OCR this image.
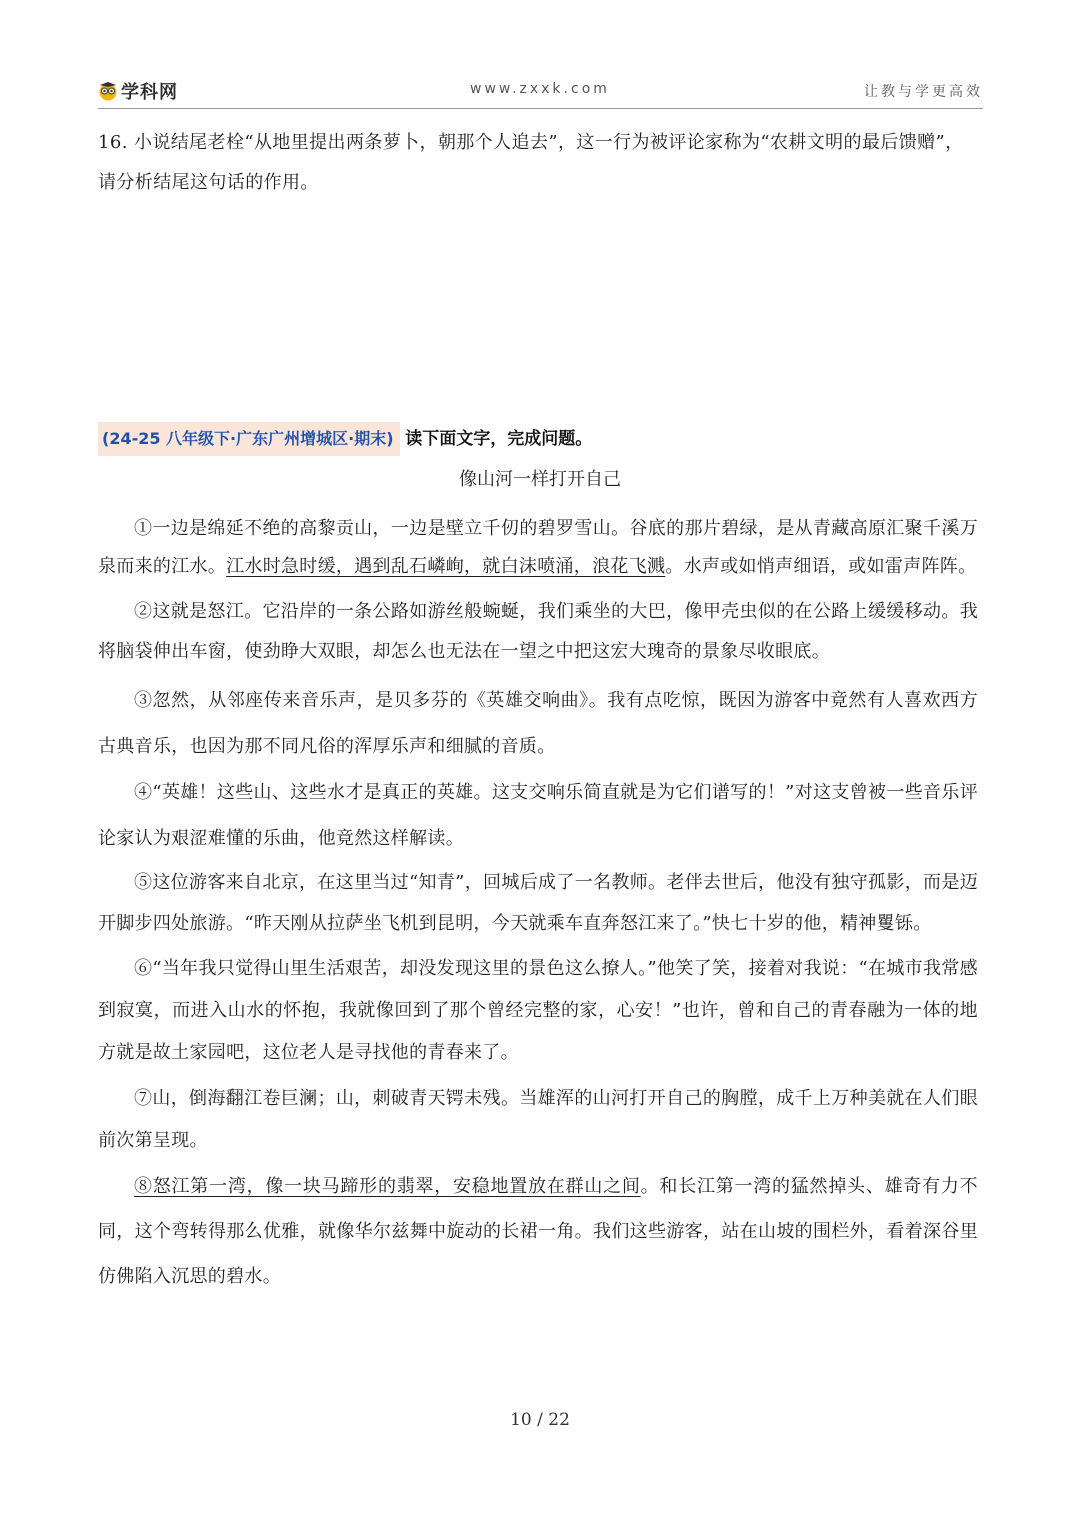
学科网	www.zxxk.com	让教与学更高效
16. 小说结尾老栓“从地里提出两条萝卜，朝那个人追去”，这一行为被评论家称为“农耕文明的最后馈赠”，请分析结尾这句话的作用。
(24-25 八年级下·广东广州增城区·期末) 读下面文字，完成问题。
像山河一样打开自己

①一边是绵延不绝的高黎贡山，一边是壁立千仞的碧罗雪山。谷底的那片碧绿，是从青藏高原汇聚千溪万泉而来的江水。江水时急时缓，遇到乱石嶙峋，就白沫喷涌，浪花飞溅。水声或如悄声细语，或如雷声阵阵。

②这就是怒江。它沿岸的一条公路如游丝般蜿蜒，我们乘坐的大巴，像甲壳虫似的在公路上缓缓移动。我将脑袋伸出车窗，使劲睁大双眼，却怎么也无法在一望之中把这宏大瑰奇的景象尽收眼底。

③忽然，从邻座传来音乐声，是贝多芬的《英雄交响曲》。我有点吃惊，既因为游客中竟然有人喜欢西方古典音乐，也因为那不同凡俗的浑厚乐声和细腻的音质。

④“英雄！这些山、这些水才是真正的英雄。这支交响乐简直就是为它们谱写的！”对这支曾被一些音乐评论家认为艰涩难懂的乐曲，他竟然这样解读。

⑤这位游客来自北京，在这里当过“知青”，回城后成了一名教师。老伴去世后，他没有独守孤影，而是迈开脚步四处旅游。“昨天刚从拉萨坐飞机到昆明，今天就乘车直奔怒江来了。”快七十岁的他，精神矍铄。

⑥“当年我只觉得山里生活艰苦，却没发现这里的景色这么撩人。”他笑了笑，接着对我说：“在城市我常感到寂寞，而进入山水的怀抱，我就像回到了那个曾经完整的家，心安！”也许，曾和自己的青春融为一体的地方就是故土家园吧，这位老人是寻找他的青春来了。

⑦山，倒海翻江卷巨澜；山，刺破青天锷未残。当雄浑的山河打开自己的胸膛，成千上万种美就在人们眼前次第呈现。

⑧怒江第一湾，像一块马蹄形的翡翠，安稳地置放在群山之间。和长江第一湾的猛然掉头、雄奇有力不同，这个弯转得那么优雅，就像华尔兹舞中旋动的长裙一角。我们这些游客，站在山坡的围栏外，看着深谷里仿佛陷入沉思的碧水。

10 / 22
